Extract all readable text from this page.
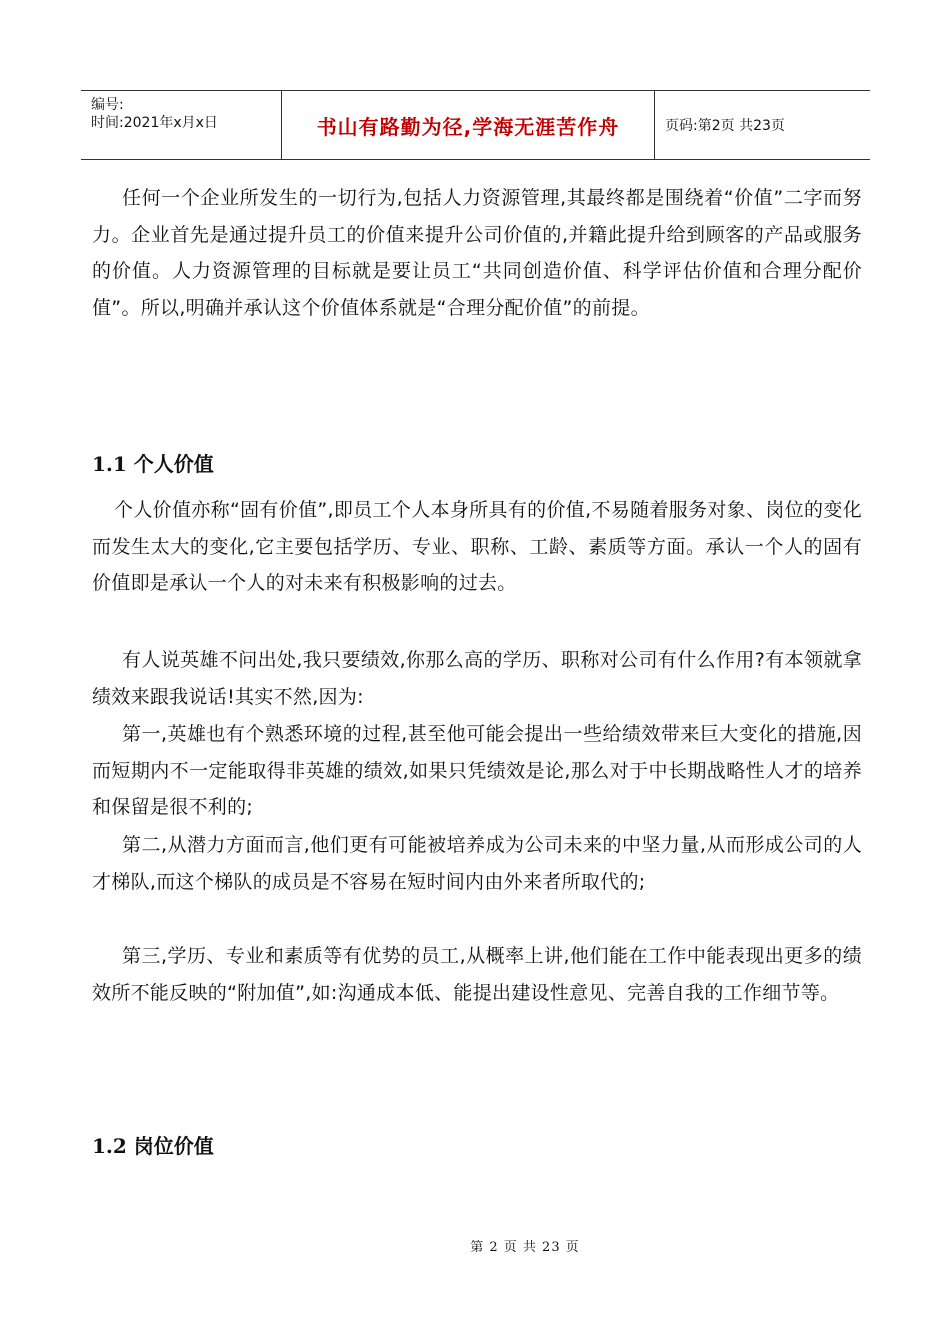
编号:
时间:2021年x月x日	书山有路勤为径,学海无涯苦作舟	页码:第2页 共23页

任何一个企业所发生的一切行为,包括人力资源管理,其最终都是围绕着“价值”二字而努力。企业首先是通过提升员工的价值来提升公司价值的,并籍此提升给到顾客的产品或服务的价值。人力资源管理的目标就是要让员工“共同创造价值、科学评估价值和合理分配价值”。所以,明确并承认这个价值体系就是“合理分配价值”的前提。

1.1 个人价值

个人价值亦称“固有价值”,即员工个人本身所具有的价值,不易随着服务对象、岗位的变化而发生太大的变化,它主要包括学历、专业、职称、工龄、素质等方面。承认一个人的固有价值即是承认一个人的对未来有积极影响的过去。

有人说英雄不问出处,我只要绩效,你那么高的学历、职称对公司有什么作用?有本领就拿绩效来跟我说话!其实不然,因为:

第一,英雄也有个熟悉环境的过程,甚至他可能会提出一些给绩效带来巨大变化的措施,因而短期内不一定能取得非英雄的绩效,如果只凭绩效是论,那么对于中长期战略性人才的培养和保留是很不利的;

第二,从潜力方面而言,他们更有可能被培养成为公司未来的中坚力量,从而形成公司的人才梯队,而这个梯队的成员是不容易在短时间内由外来者所取代的;

第三,学历、专业和素质等有优势的员工,从概率上讲,他们能在工作中能表现出更多的绩效所不能反映的“附加值”,如:沟通成本低、能提出建设性意见、完善自我的工作细节等。

1.2 岗位价值
第 2 页 共 23 页
